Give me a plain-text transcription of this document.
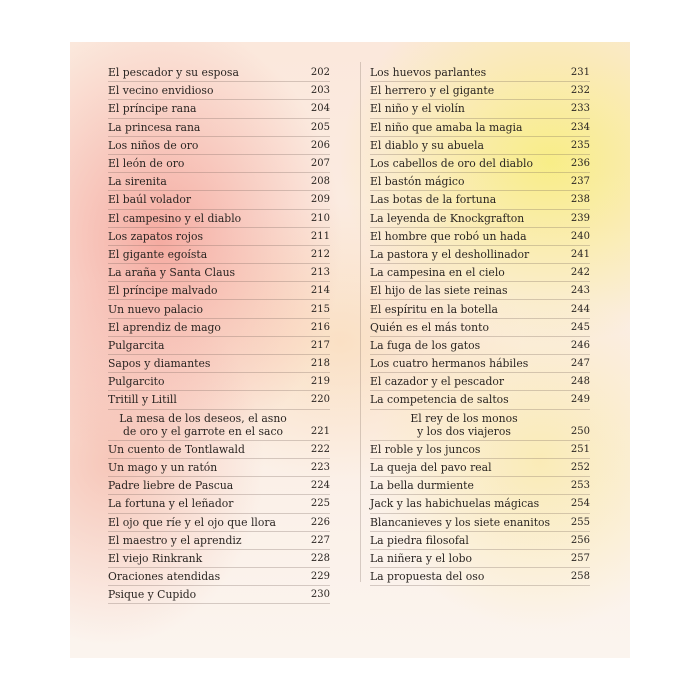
El pescador y su esposa	202
El vecino envidioso	203
El príncipe rana	204
La princesa rana	205
Los niños de oro	206
El león de oro	207
La sirenita	208
El baúl volador	209
El campesino y el diablo	210
Los zapatos rojos	211
El gigante egoísta	212
La araña y Santa Claus	213
El príncipe malvado	214
Un nuevo palacio	215
El aprendiz de mago	216
Pulgarcita	217
Sapos y diamantes	218
Pulgarcito	219
Tritill y Litill	220
La mesa de los deseos, el asno
de oro y el garrote en el saco	221
Un cuento de Tontlawald	222
Un mago y un ratón	223
Padre liebre de Pascua	224
La fortuna y el leñador	225
El ojo que ríe y el ojo que llora	226
El maestro y el aprendiz	227
El viejo Rinkrank	228
Oraciones atendidas	229
Psique y Cupido	230
Los huevos parlantes	231
El herrero y el gigante	232
El niño y el violín	233
El niño que amaba la magia	234
El diablo y su abuela	235
Los cabellos de oro del diablo	236
El bastón mágico	237
Las botas de la fortuna	238
La leyenda de Knockgrafton	239
El hombre que robó un hada	240
La pastora y el deshollinador	241
La campesina en el cielo	242
El hijo de las siete reinas	243
El espíritu en la botella	244
Quién es el más tonto	245
La fuga de los gatos	246
Los cuatro hermanos hábiles	247
El cazador y el pescador	248
La competencia de saltos	249
El rey de los monos
y los dos viajeros	250
El roble y los juncos	251
La queja del pavo real	252
La bella durmiente	253
Jack y las habichuelas mágicas	254
Blancanieves y los siete enanitos	255
La piedra filosofal	256
La niñera y el lobo	257
La propuesta del oso	258
